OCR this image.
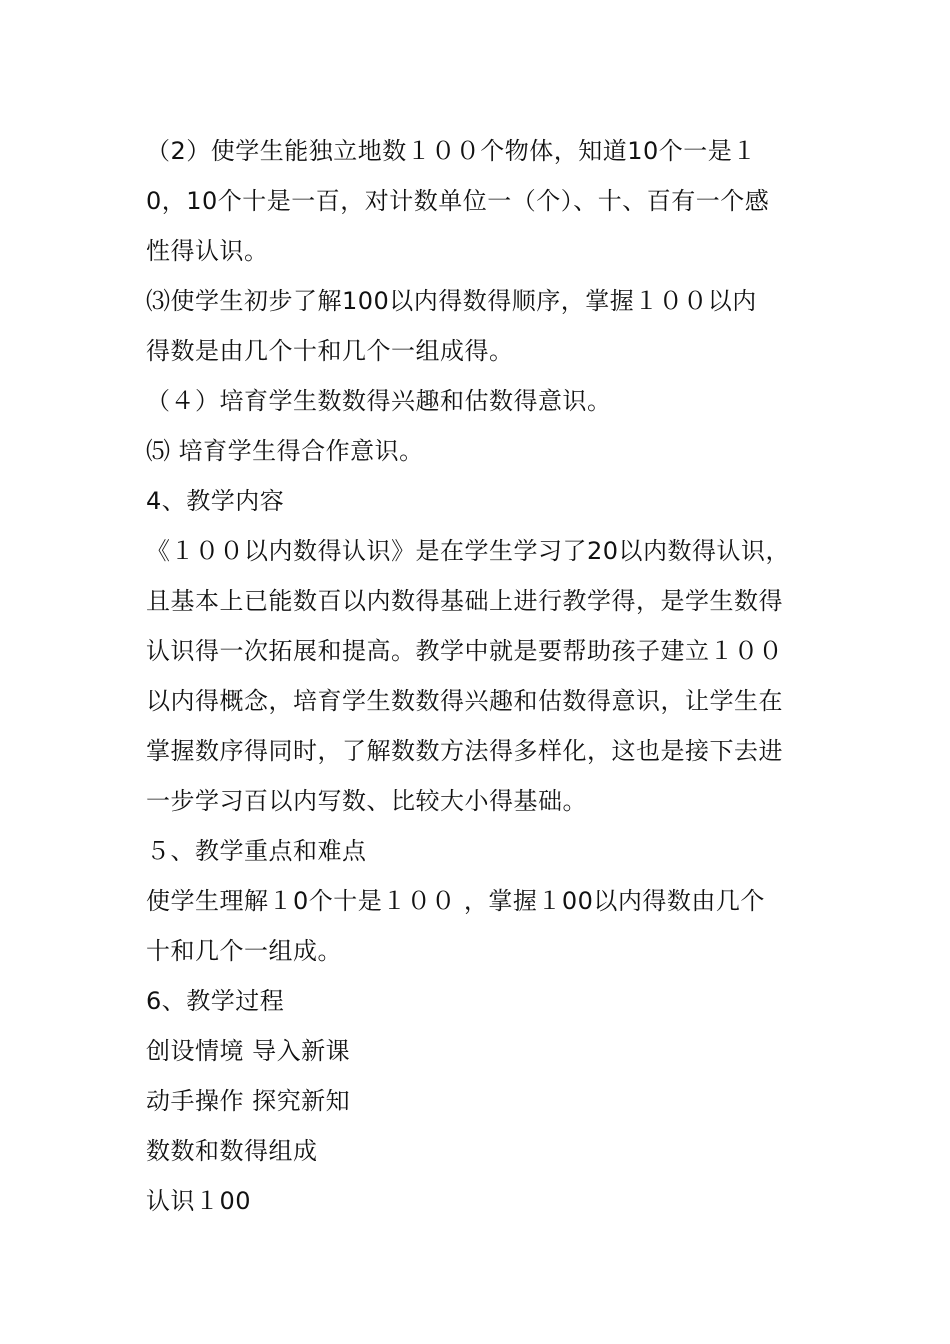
（2）使学生能独立地数１００个物体，知道10个一是１
0，10个十是一百，对计数单位一（个）、十、百有一个感
性得认识。
⑶使学生初步了解100以内得数得顺序，掌握１００以内
得数是由几个十和几个一组成得。
（４）培育学生数数得兴趣和估数得意识。
⑸ 培育学生得合作意识。
4、教学内容
《１００以内数得认识》是在学生学习了20以内数得认识，
且基本上已能数百以内数得基础上进行教学得，是学生数得
认识得一次拓展和提高。教学中就是要帮助孩子建立１００
以内得概念，培育学生数数得兴趣和估数得意识，让学生在
掌握数序得同时，了解数数方法得多样化，这也是接下去进
一步学习百以内写数、比较大小得基础。
５、教学重点和难点
使学生理解１0个十是１００ ，掌握１00以内得数由几个
十和几个一组成。
6、教学过程
创设情境 导入新课
动手操作 探究新知
数数和数得组成
认识１00
